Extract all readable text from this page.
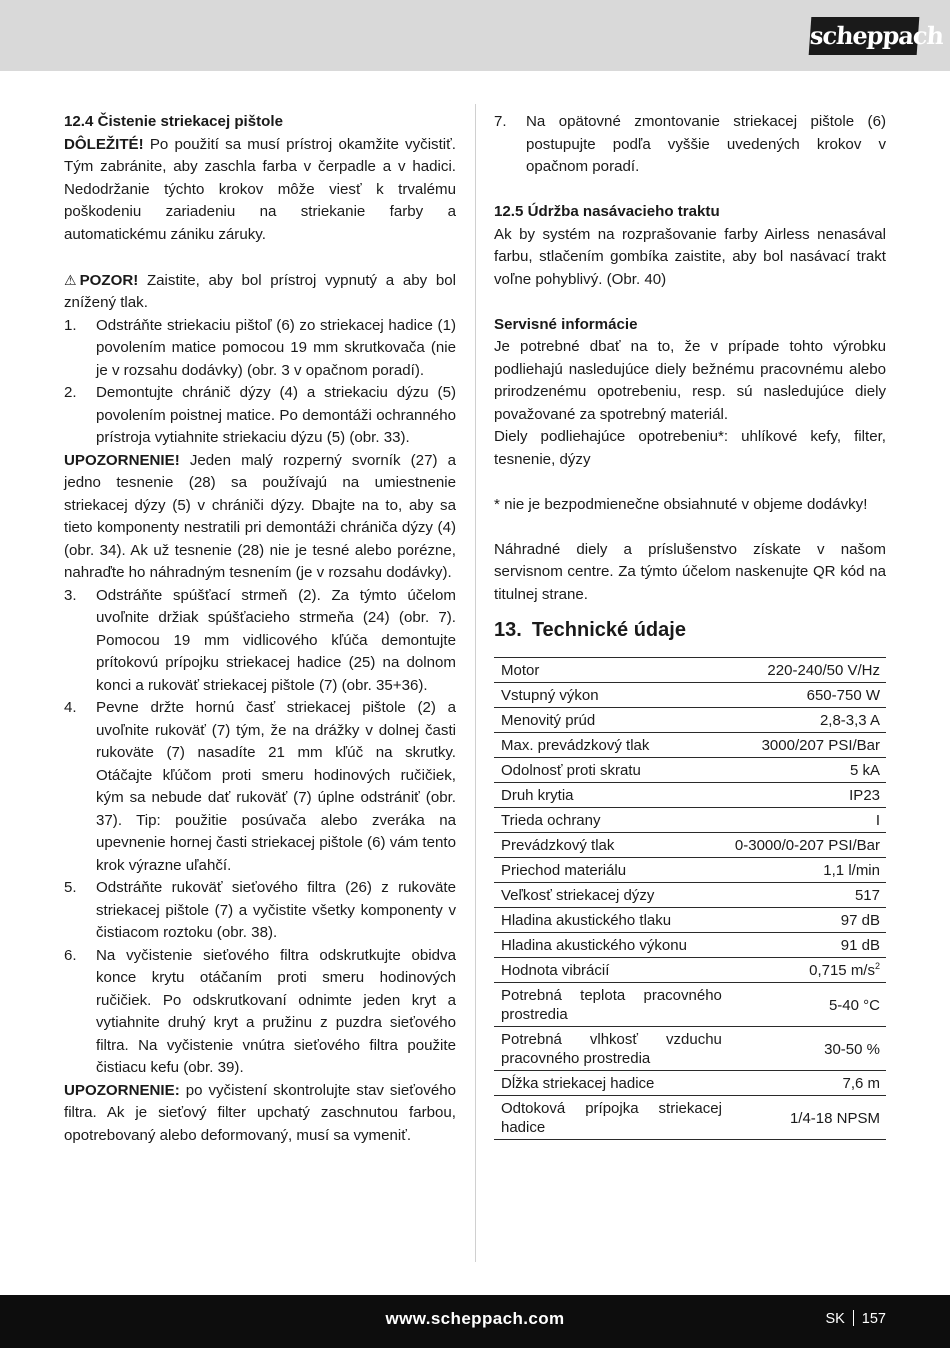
scheppach

12.4 Čistenie striekacej pištole

DÔLEŽITÉ! Po použití sa musí prístroj okamžite vyčistiť. Tým zabránite, aby zaschla farba v čerpadle a v hadici. Nedodržanie týchto krokov môže viesť k trvalému poškodeniu zariadeniu na striekanie farby a automatickému zániku záruky.

⚠ POZOR! Zaistite, aby bol prístroj vypnutý a aby bol znížený tlak.

1. Odstráňte striekaciu pištoľ (6) zo striekacej hadice (1) povolením matice pomocou 19 mm skrutkovača (nie je v rozsahu dodávky) (obr. 3 v opačnom poradí).
2. Demontujte chránič dýzy (4) a striekaciu dýzu (5) povolením poistnej matice. Po demontáži ochranného prístroja vytiahnite striekaciu dýzu (5) (obr. 33).

UPOZORNENIE! Jeden malý rozperný svorník (27) a jedno tesnenie (28) sa používajú na umiestnenie striekacej dýzy (5) v chrániči dýzy. Dbajte na to, aby sa tieto komponenty nestratili pri demontáži chrániča dýzy (4) (obr. 34). Ak už tesnenie (28) nie je tesné alebo porézne, nahraďte ho náhradným tesnením (je v rozsahu dodávky).

3. Odstráňte spúšťací strmeň (2). Za týmto účelom uvoľnite držiak spúšťacieho strmeňa (24) (obr. 7). Pomocou 19 mm vidlicového kľúča demontujte prítokovú prípojku striekacej hadice (25) na dolnom konci a rukoväť striekacej pištole (7) (obr. 35+36).
4. Pevne držte hornú časť striekacej pištole (2) a uvoľnite rukoväť (7) tým, že na drážky v dolnej časti rukoväte (7) nasadíte 21 mm kľúč na skrutky. Otáčajte kľúčom proti smeru hodinových ručičiek, kým sa nebude dať rukoväť (7) úplne odstrániť (obr. 37). Tip: použitie posúvača alebo zveráka na upevnenie hornej časti striekacej pištole (6) vám tento krok výrazne uľahčí.
5. Odstráňte rukoväť sieťového filtra (26) z rukoväte striekacej pištole (7) a vyčistite všetky komponenty v čistiacom roztoku (obr. 38).
6. Na vyčistenie sieťového filtra odskrutkujte obidva konce krytu otáčaním proti smeru hodinových ručičiek. Po odskrutkovaní odnimte jeden kryt a vytiahnite druhý kryt a pružinu z puzdra sieťového filtra. Na vyčistenie vnútra sieťového filtra použite čistiacu kefu (obr. 39).

UPOZORNENIE: po vyčistení skontrolujte stav sieťového filtra. Ak je sieťový filter upchatý zaschnutou farbou, opotrebovaný alebo deformovaný, musí sa vymeniť.

7. Na opätovné zmontovanie striekacej pištole (6) postupujte podľa vyššie uvedených krokov v opačnom poradí.

12.5 Údržba nasávacieho traktu

Ak by systém na rozprašovanie farby Airless nenasával farbu, stlačením gombíka zaistite, aby bol nasávací trakt voľne pohyblivý. (Obr. 40)

Servisné informácie

Je potrebné dbať na to, že v prípade tohto výrobku podliehajú nasledujúce diely bežnému pracovnému alebo prirodzenému opotrebeniu, resp. sú nasledujúce diely považované za spotrebný materiál.

Diely podliehajúce opotrebeniu*: uhlíkové kefy, filter, tesnenie, dýzy

* nie je bezpodmienečne obsiahnuté v objeme dodávky!

Náhradné diely a príslušenstvo získate v našom servisnom centre. Za týmto účelom naskenujte QR kód na titulnej strane.

13. Technické údaje
Motor	220-240/50 V/Hz
Vstupný výkon	650-750 W
Menovitý prúd	2,8-3,3 A
Max. prevádzkový tlak	3000/207 PSI/Bar
Odolnosť proti skratu	5 kA
Druh krytia	IP23
Trieda ochrany	I
Prevádzkový tlak	0-3000/0-207 PSI/Bar
Priechod materiálu	1,1 l/min
Veľkosť striekacej dýzy	517
Hladina akustického tlaku	97 dB
Hladina akustického výkonu	91 dB
Hodnota vibrácií	0,715 $m/s^2$
Potrebná teplota pracovného prostredia	5-40 °C
Potrebná vlhkosť vzduchu pracovného prostredia	30-50 %
Dĺžka striekacej hadice	7,6 m
Odtoková prípojka striekacej hadice	1/4-18 NPSM
www.scheppach.com	SK 157
